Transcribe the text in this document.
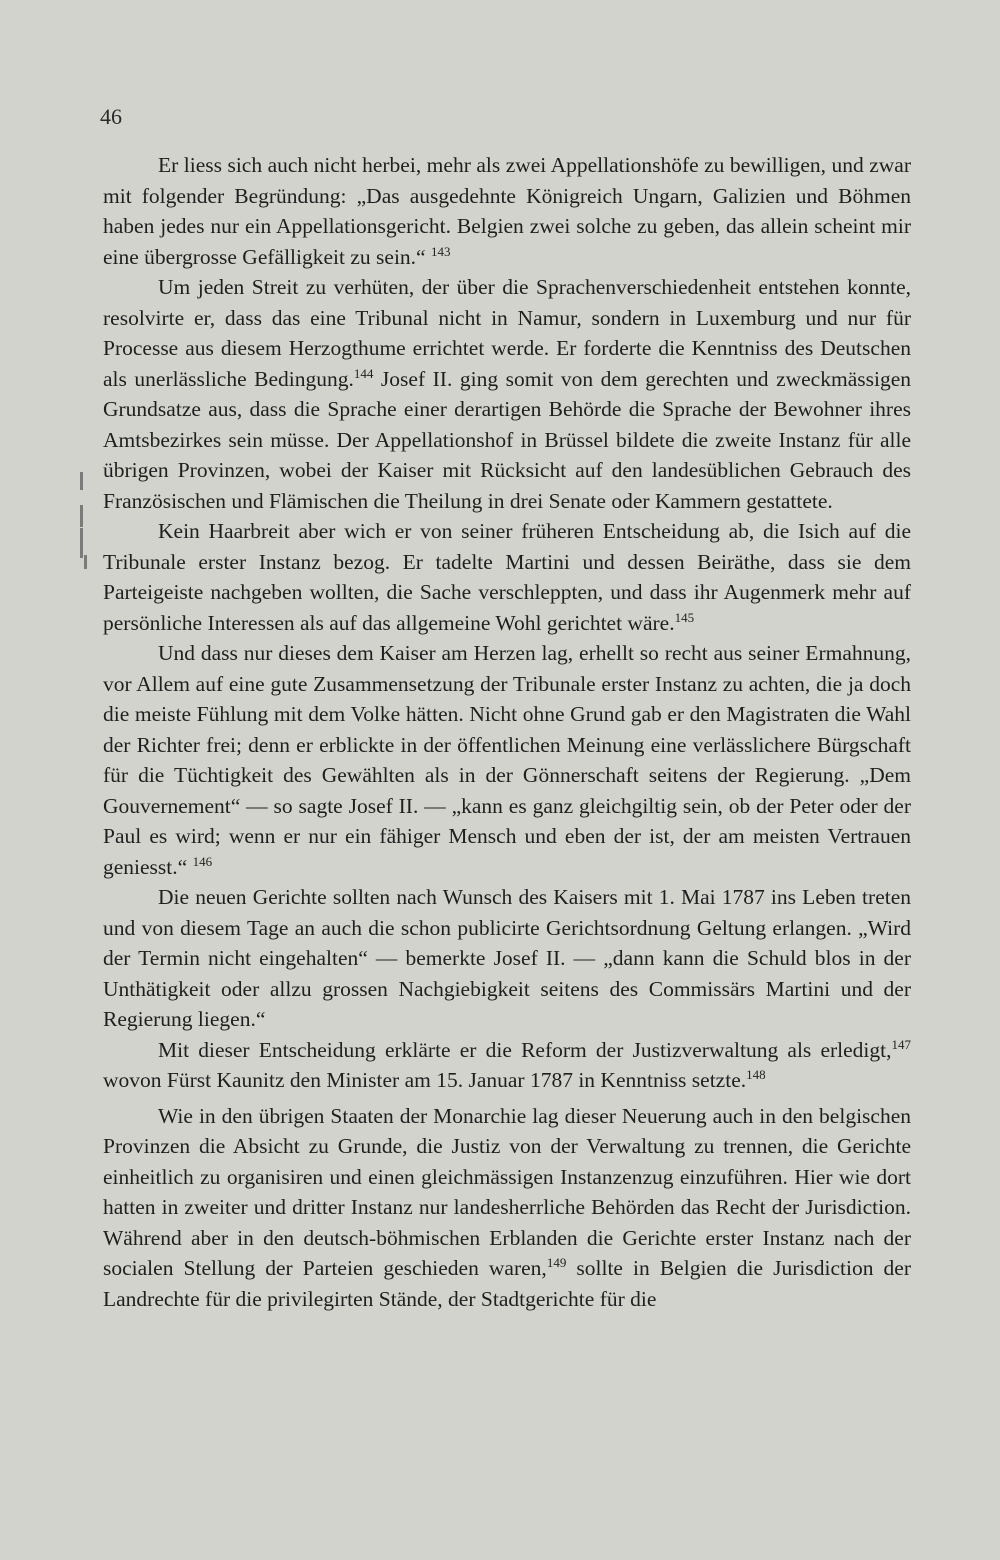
46

Er liess sich auch nicht herbei, mehr als zwei Appellationshöfe zu bewilligen, und zwar mit folgender Begründung: „Das ausgedehnte Königreich Ungarn, Galizien und Böhmen haben jedes nur ein Appellationsgericht. Belgien zwei solche zu geben, das allein scheint mir eine übergrosse Gefälligkeit zu sein.“ $^{143}$

Um jeden Streit zu verhüten, der über die Sprachenverschiedenheit entstehen konnte, resolvirte er, dass das eine Tribunal nicht in Namur, sondern in Luxemburg und nur für Processe aus diesem Herzogthume errichtet werde. Er forderte die Kenntniss des Deutschen als unerlässliche Bedingung.$^{144}$ Josef II. ging somit von dem gerechten und zweckmässigen Grundsatze aus, dass die Sprache einer derartigen Behörde die Sprache der Bewohner ihres Amtsbezirkes sein müsse. Der Appellationshof in Brüssel bildete die zweite Instanz für alle übrigen Provinzen, wobei der Kaiser mit Rücksicht auf den landesüblichen Gebrauch des Französischen und Flämischen die Theilung in drei Senate oder Kammern gestattete.

Kein Haarbreit aber wich er von seiner früheren Entscheidung ab, die Isich auf die Tribunale erster Instanz bezog. Er tadelte Martini und dessen Beiräthe, dass sie dem Parteigeiste nachgeben wollten, die Sache verschleppten, und dass ihr Augenmerk mehr auf persönliche Interessen als auf das allgemeine Wohl gerichtet wäre.$^{145}$

Und dass nur dieses dem Kaiser am Herzen lag, erhellt so recht aus seiner Ermahnung, vor Allem auf eine gute Zusammensetzung der Tribunale erster Instanz zu achten, die ja doch die meiste Fühlung mit dem Volke hätten. Nicht ohne Grund gab er den Magistraten die Wahl der Richter frei; denn er erblickte in der öffentlichen Meinung eine verlässlichere Bürgschaft für die Tüchtigkeit des Gewählten als in der Gönnerschaft seitens der Regierung. „Dem Gouvernement“ — so sagte Josef II. — „kann es ganz gleichgiltig sein, ob der Peter oder der Paul es wird; wenn er nur ein fähiger Mensch und eben der ist, der am meisten Vertrauen geniesst.“ $^{146}$

Die neuen Gerichte sollten nach Wunsch des Kaisers mit 1. Mai 1787 ins Leben treten und von diesem Tage an auch die schon publicirte Gerichtsordnung Geltung erlangen. „Wird der Termin nicht eingehalten“ — bemerkte Josef II. — „dann kann die Schuld blos in der Unthätigkeit oder allzu grossen Nachgiebigkeit seitens des Commissärs Martini und der Regierung liegen.“

Mit dieser Entscheidung erklärte er die Reform der Justizverwaltung als erledigt,$^{147}$ wovon Fürst Kaunitz den Minister am 15. Januar 1787 in Kenntniss setzte.$^{148}$

Wie in den übrigen Staaten der Monarchie lag dieser Neuerung auch in den belgischen Provinzen die Absicht zu Grunde, die Justiz von der Verwaltung zu trennen, die Gerichte einheitlich zu organisiren und einen gleichmässigen Instanzenzug einzuführen. Hier wie dort hatten in zweiter und dritter Instanz nur landesherrliche Behörden das Recht der Jurisdiction. Während aber in den deutsch-böhmischen Erblanden die Gerichte erster Instanz nach der socialen Stellung der Parteien geschieden waren,$^{149}$ sollte in Belgien die Jurisdiction der Landrechte für die privilegirten Stände, der Stadtgerichte für die
